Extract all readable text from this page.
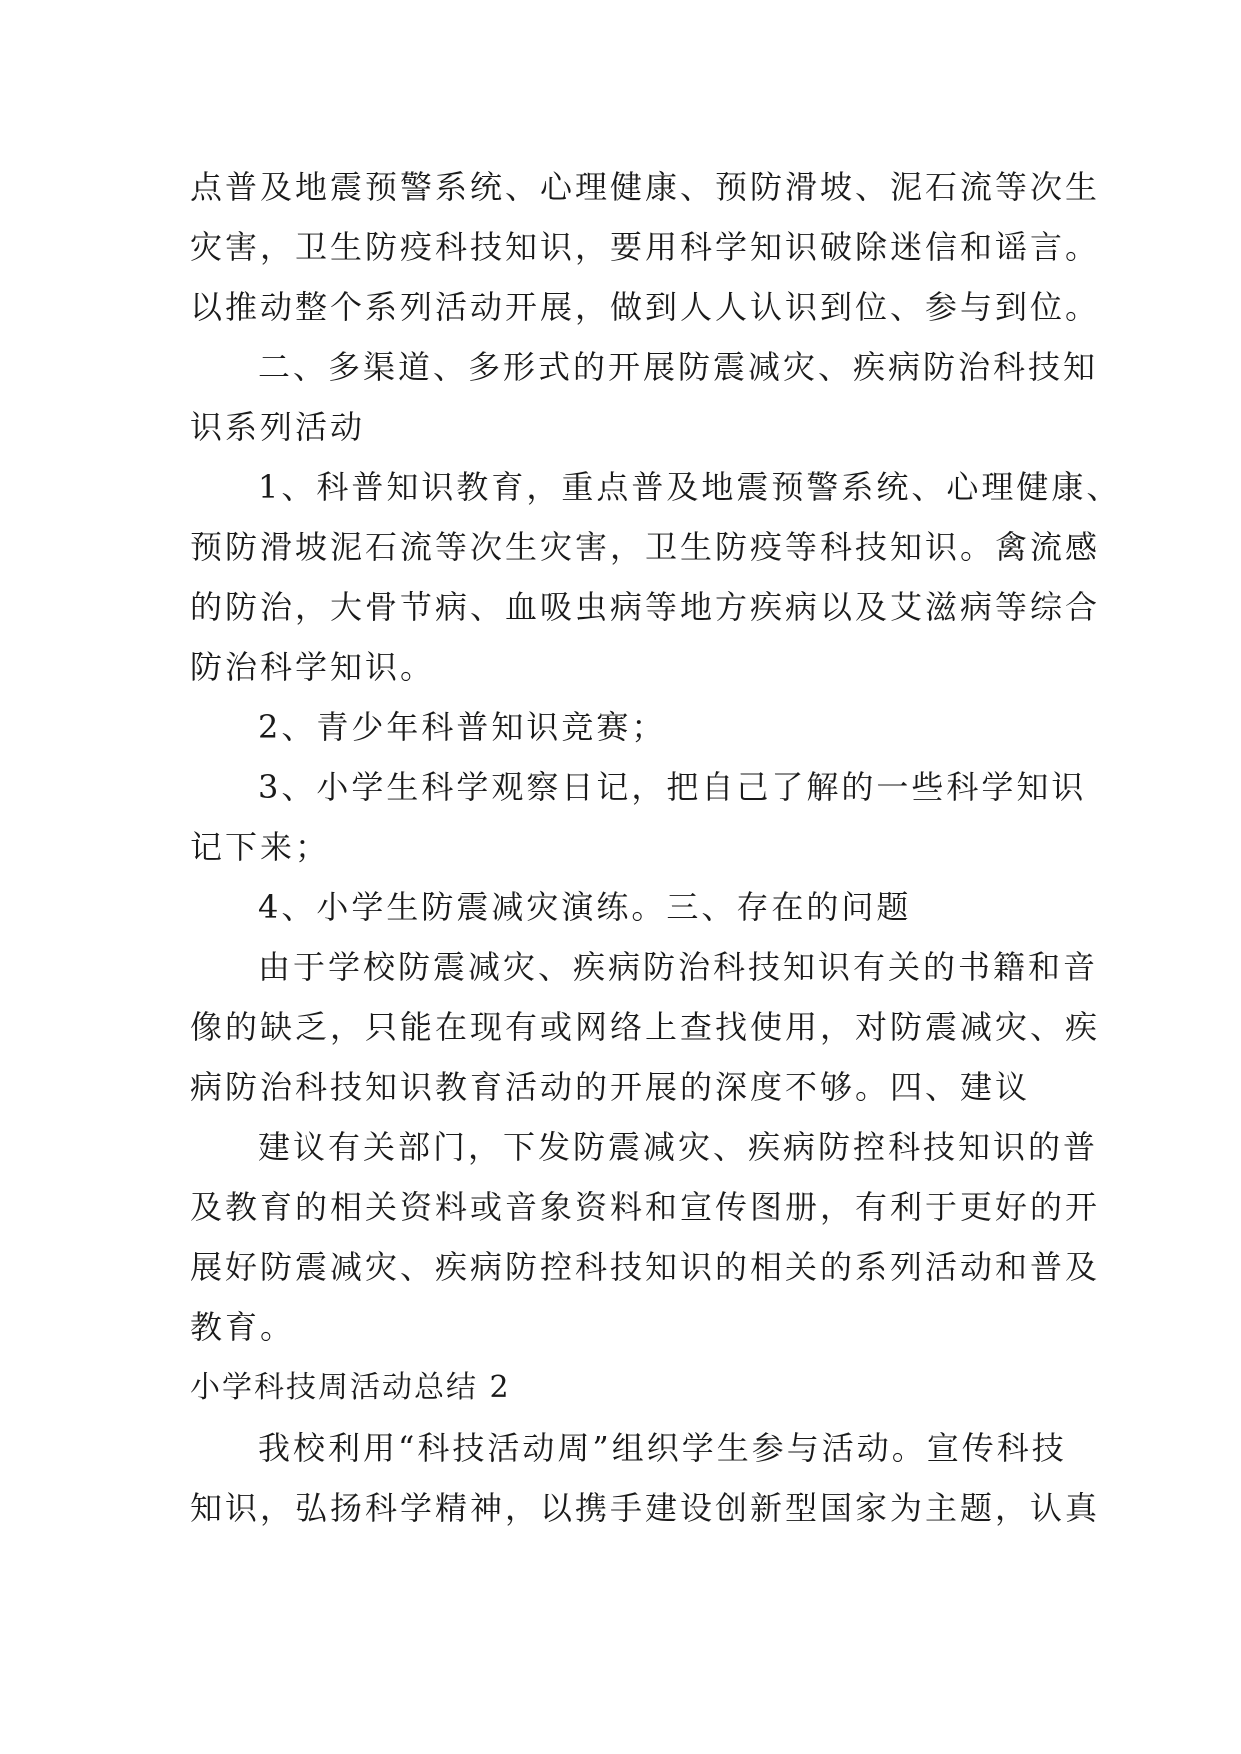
点普及地震预警系统、心理健康、预防滑坡、泥石流等次生
灾害，卫生防疫科技知识，要用科学知识破除迷信和谣言。
以推动整个系列活动开展，做到人人认识到位、参与到位。
二、多渠道、多形式的开展防震减灾、疾病防治科技知
识系列活动
1、科普知识教育，重点普及地震预警系统、心理健康、
预防滑坡泥石流等次生灾害，卫生防疫等科技知识。禽流感
的防治，大骨节病、血吸虫病等地方疾病以及艾滋病等综合
防治科学知识。
2、青少年科普知识竞赛；
3、小学生科学观察日记，把自己了解的一些科学知识
记下来；
4、小学生防震减灾演练。三、存在的问题
由于学校防震减灾、疾病防治科技知识有关的书籍和音
像的缺乏，只能在现有或网络上查找使用，对防震减灾、疾
病防治科技知识教育活动的开展的深度不够。四、建议
建议有关部门，下发防震减灾、疾病防控科技知识的普
及教育的相关资料或音象资料和宣传图册，有利于更好的开
展好防震减灾、疾病防控科技知识的相关的系列活动和普及
教育。
小学科技周活动总结 2
我校利用“科技活动周”组织学生参与活动。宣传科技
知识，弘扬科学精神，以携手建设创新型国家为主题，认真
